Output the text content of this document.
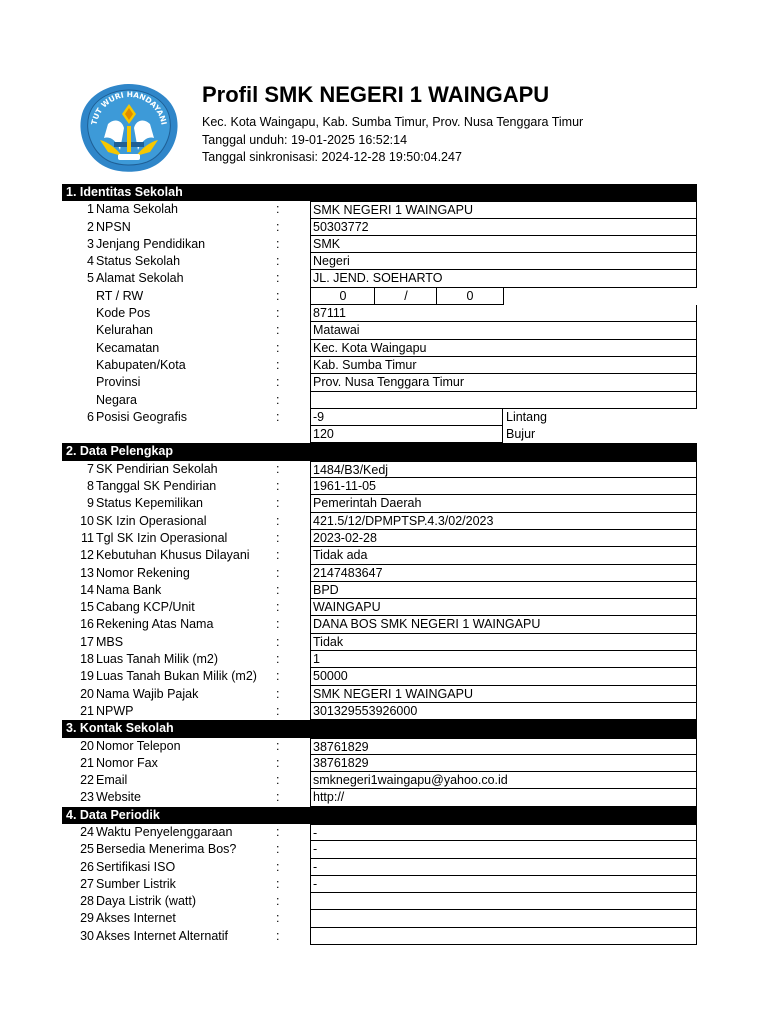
TUT WURI HANDAYANI
Profil SMK NEGERI 1 WAINGAPU
Kec. Kota Waingapu, Kab. Sumba Timur, Prov. Nusa Tenggara Timur
Tanggal unduh: 19-01-2025 16:52:14
Tanggal sinkronisasi: 2024-12-28 19:50:04.247
1. Identitas Sekolah
1 Nama Sekolah	:	SMK NEGERI 1 WAINGAPU
2 NPSN	:	50303772
3 Jenjang Pendidikan	:	SMK
4 Status Sekolah	:	Negeri
5 Alamat Sekolah	:	JL. JEND. SOEHARTO
RT / RW	:	0	/	0
Kode Pos	:	87111
Kelurahan	:	Matawai
Kecamatan	:	Kec. Kota Waingapu
Kabupaten/Kota	:	Kab. Sumba Timur
Provinsi	:	Prov. Nusa Tenggara Timur
Negara	:
6 Posisi Geografis	:	-9	Lintang
120	Bujur
2. Data Pelengkap
7 SK Pendirian Sekolah	:	1484/B3/Kedj
8 Tanggal SK Pendirian	:	1961-11-05
9 Status Kepemilikan	:	Pemerintah Daerah
10 SK Izin Operasional	:	421.5/12/DPMPTSP.4.3/02/2023
11 Tgl SK Izin Operasional	:	2023-02-28
12 Kebutuhan Khusus Dilayani :	Tidak ada
13 Nomor Rekening	:	2147483647
14 Nama Bank	:	BPD
15 Cabang KCP/Unit	:	WAINGAPU
16 Rekening Atas Nama	:	DANA BOS SMK NEGERI 1 WAINGAPU
17 MBS	:	Tidak
18 Luas Tanah Milik (m2)	:	1
19 Luas Tanah Bukan Milik (m2) :	50000
20 Nama Wajib Pajak	:	SMK NEGERI 1 WAINGAPU
21 NPWP	:	301329553926000
3. Kontak Sekolah
20 Nomor Telepon	:	38761829
21 Nomor Fax	:	38761829
22 Email	:	smknegeri1waingapu@yahoo.co.id
23 Website	:	http://
4. Data Periodik
24 Waktu Penyelenggaraan	:	-
25 Bersedia Menerima Bos?	:	-
26 Sertifikasi ISO	:	-
27 Sumber Listrik	:	-
28 Daya Listrik (watt)	:
29 Akses Internet	:
30 Akses Internet Alternatif	:
